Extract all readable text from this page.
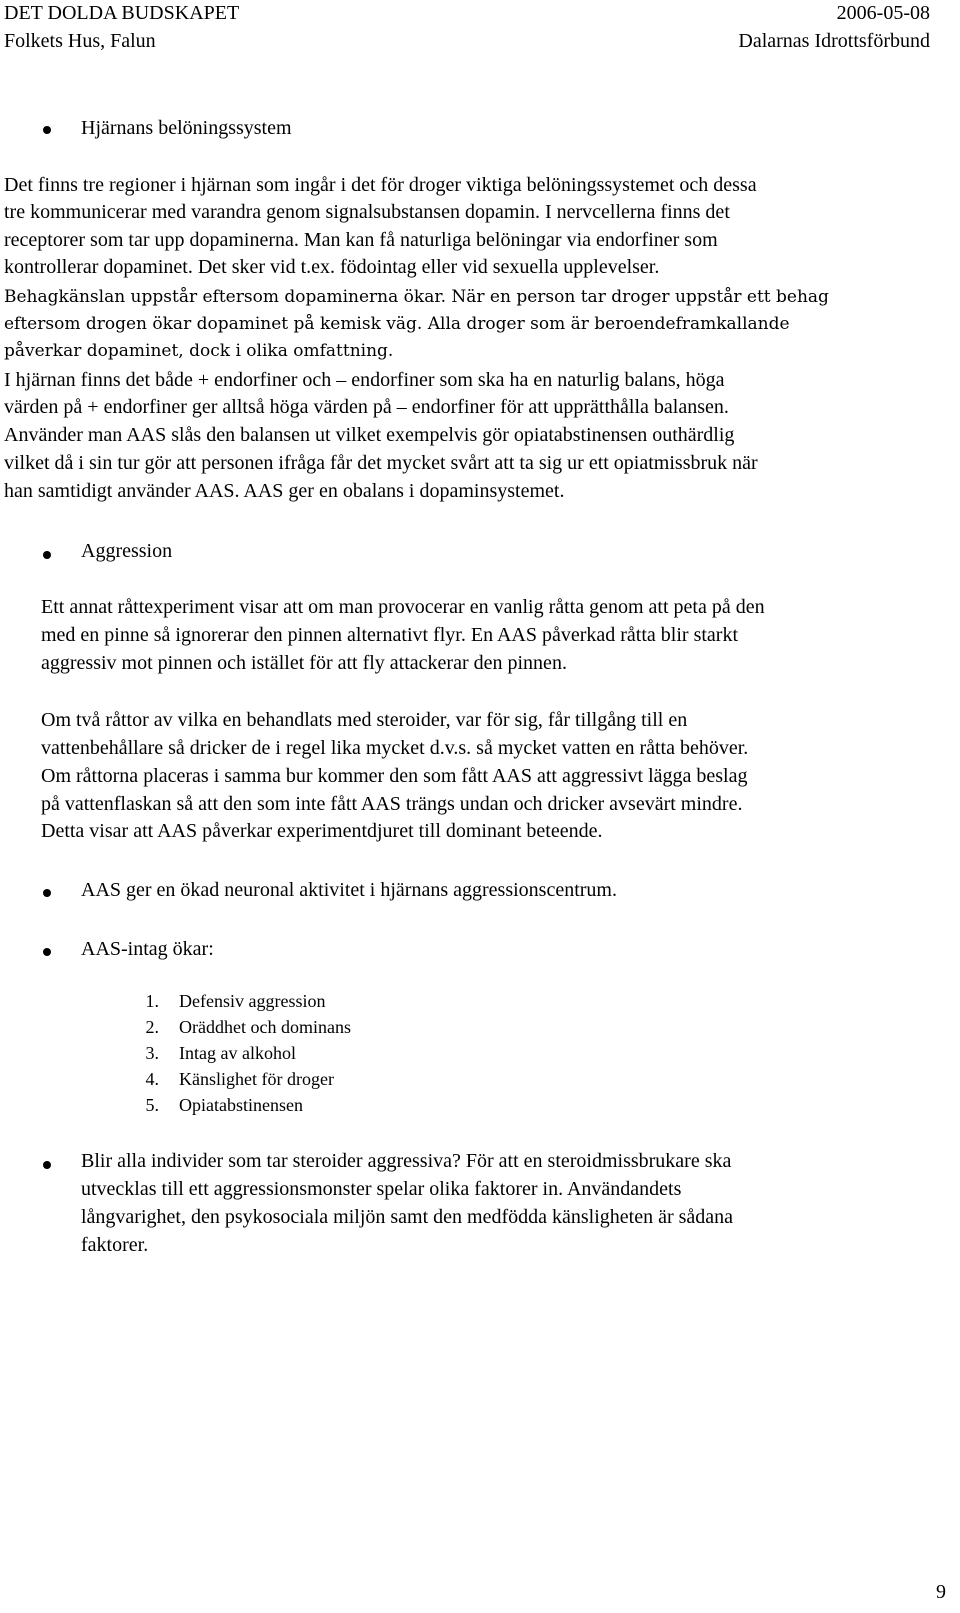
DET DOLDA BUDSKAPET
Folkets Hus, Falun
2006-05-08
Dalarnas Idrottsförbund
Hjärnans belöningssystem
Det finns tre regioner i hjärnan som ingår i det för droger viktiga belöningssystemet och dessa
tre kommunicerar med varandra genom signalsubstansen dopamin. I nervcellerna finns det
receptorer som tar upp dopaminerna. Man kan få naturliga belöningar via endorfiner som
kontrollerar dopaminet. Det sker vid t.ex. födointag eller vid sexuella upplevelser.
Behagkänslan uppstår eftersom dopaminerna ökar. När en person tar droger uppstår ett behag
eftersom drogen ökar dopaminet på kemisk väg. Alla droger som är beroendeframkallande
påverkar dopaminet, dock i olika omfattning.
I hjärnan finns det både + endorfiner och – endorfiner som ska ha en naturlig balans, höga
värden på + endorfiner ger alltså höga värden på – endorfiner för att upprätthålla balansen.
Använder man AAS slås den balansen ut vilket exempelvis gör opiatabstinensen outhärdlig
vilket då i sin tur gör att personen ifråga får det mycket svårt att ta sig ur ett opiatmissbruk när
han samtidigt använder AAS. AAS ger en obalans i dopaminsystemet.
Aggression
Ett annat råttexperiment visar att om man provocerar en vanlig råtta genom att peta på den
med en pinne så ignorerar den pinnen alternativt flyr. En AAS påverkad råtta blir starkt
aggressiv mot pinnen och istället för att fly attackerar den pinnen.
Om två råttor av vilka en behandlats med steroider, var för sig, får tillgång till en
vattenbehållare så dricker de i regel lika mycket d.v.s. så mycket vatten en råtta behöver.
Om råttorna placeras i samma bur kommer den som fått AAS att aggressivt lägga beslag
på vattenflaskan så att den som inte fått AAS trängs undan och dricker avsevärt mindre.
Detta visar att AAS påverkar experimentdjuret till dominant beteende.
AAS ger en ökad neuronal aktivitet i hjärnans aggressionscentrum.
AAS-intag ökar:
1. Defensiv aggression
2. Oräddhet och dominans
3. Intag av alkohol
4. Känslighet för droger
5. Opiatabstinensen
Blir alla individer som tar steroider aggressiva? För att en steroidmissbrukare ska
utvecklas till ett aggressionsmonster spelar olika faktorer in. Användandets
långvarighet, den psykosociala miljön samt den medfödda känsligheten är sådana
faktorer.
9
